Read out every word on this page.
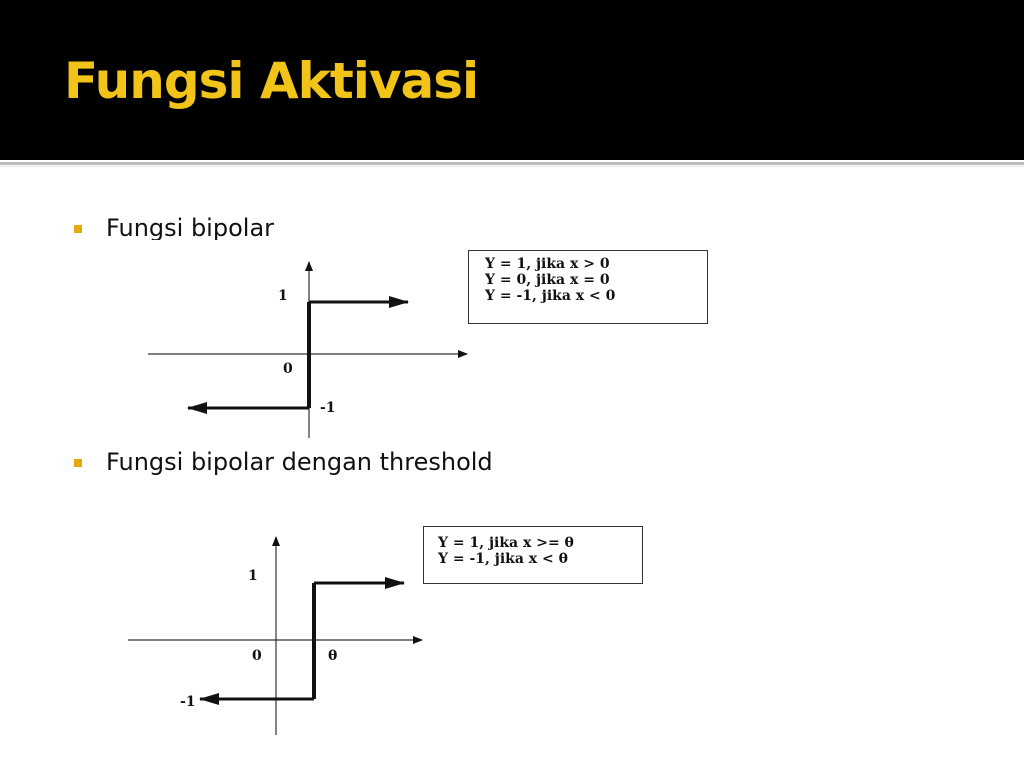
Fungsi Aktivasi
Fungsi bipolar
Fungsi bipolar dengan threshold
1
0
-1
1
0	θ
-1
Y = 1, jika x > 0
Y = 0, jika x = 0
Y = -1, jika x < 0
Y = 1, jika x >= θ
Y = -1, jika x < θ
